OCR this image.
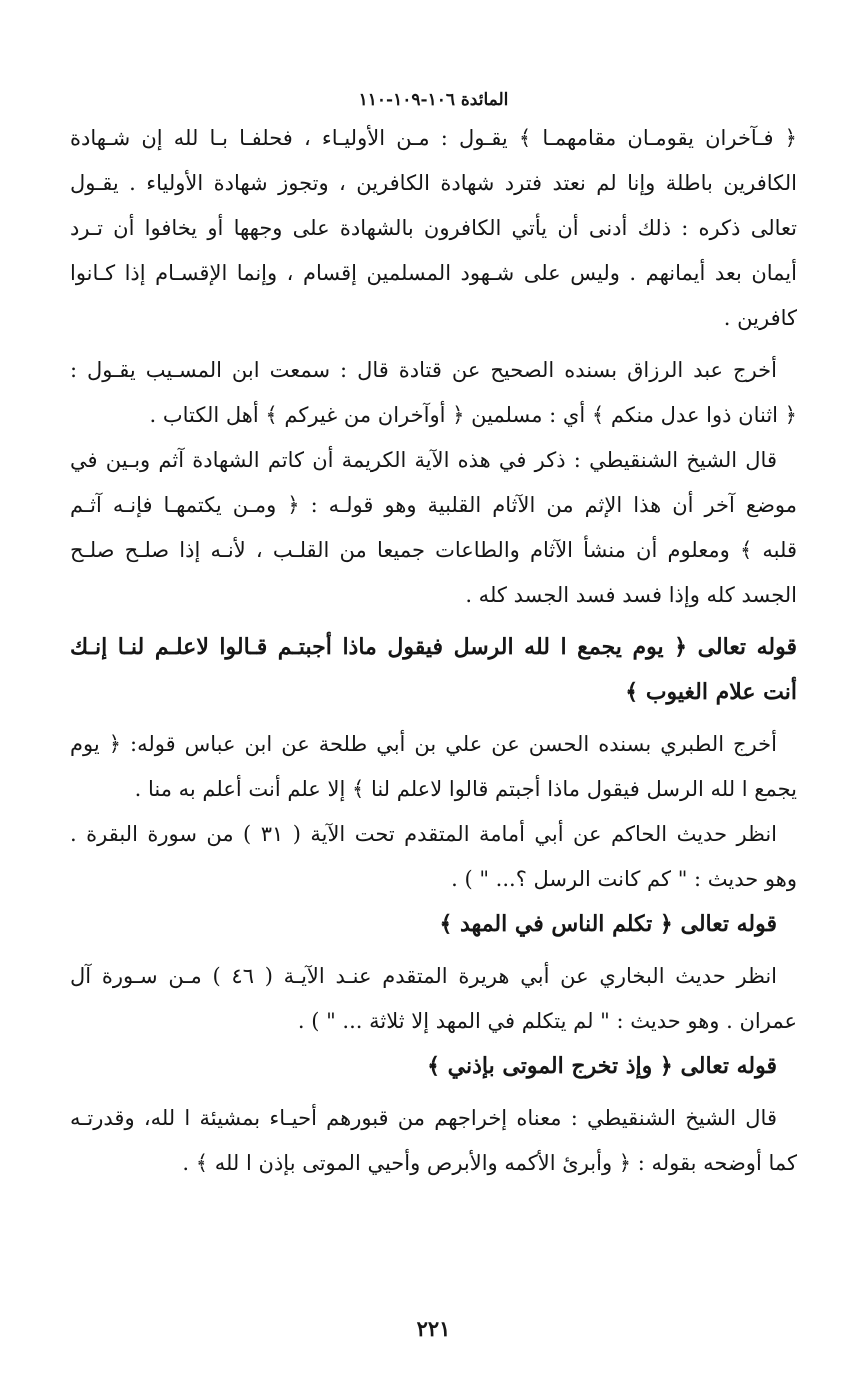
المائدة ١٠٦-١٠٩-١١٠
﴿ فـآخران يقومـان مقامهمـا ﴾ يقـول : مـن الأوليـاء ، فحلفـا بـا لله إن شـهادة
الكافرين باطلة وإنا لم نعتد فترد شهادة الكافرين ، وتجوز شهادة الأولياء . يقـول
تعالى ذكره : ذلك أدنى أن يأتي الكافرون بالشهادة على وجهها أو يخافوا أن تـرد
أيمان بعد أيمانهم . وليس على شـهود المسلمين إقسام ، وإنما الإقسـام إذا كـانوا
كافرين .
أخرج عبد الرزاق بسنده الصحيح عن قتادة قال : سمعت ابن المسـيب يقـول :
﴿ اثنان ذوا عدل منكم ﴾ أي : مسلمين ﴿ أوآخران من غيركم ﴾ أهل الكتاب .
قال الشيخ الشنقيطي : ذكر في هذه الآية الكريمة أن كاتم الشهادة آثم وبـين في
موضع آخر أن هذا الإثم من الآثام القلبية وهو قولـه : ﴿ ومـن يكتمهـا فإنـه آثـم
قلبه ﴾ ومعلوم أن منشأ الآثام والطاعات جميعا من القلـب ، لأنـه إذا صلـح صلـح
الجسد كله وإذا فسد فسد الجسد كله .
قوله تعالى ﴿ يوم يجمع ا لله الرسل فيقول ماذا أجبتـم قـالوا لاعلـم لنـا إنـك
أنت علام الغيوب ﴾
أخرج الطبري بسنده الحسن عن علي بن أبي طلحة عن ابن عباس قوله: ﴿ يوم
يجمع ا لله الرسل فيقول ماذا أجبتم قالوا لاعلم لنا ﴾ إلا علم أنت أعلم به منا .
انظر حديث الحاكم عن أبي أمامة المتقدم تحت الآية ( ٣١ ) من سورة البقرة .
وهو حديث : " كم كانت الرسل ؟... " ) .
قوله تعالى ﴿ تكلم الناس في المهد ﴾
انظر حديث البخاري عن أبي هريرة المتقدم عنـد الآيـة ( ٤٦ ) مـن سـورة آل
عمران . وهو حديث : " لم يتكلم في المهد إلا ثلاثة ... " ) .
قوله تعالى ﴿ وإذ تخرج الموتى بإذني ﴾
قال الشيخ الشنقيطي : معناه إخراجهم من قبورهم أحيـاء بمشيئة ا لله، وقدرتـه
كما أوضحه بقوله : ﴿ وأبرئ الأكمه والأبرص وأحيي الموتى بإذن ا لله ﴾ .
٢٢١
